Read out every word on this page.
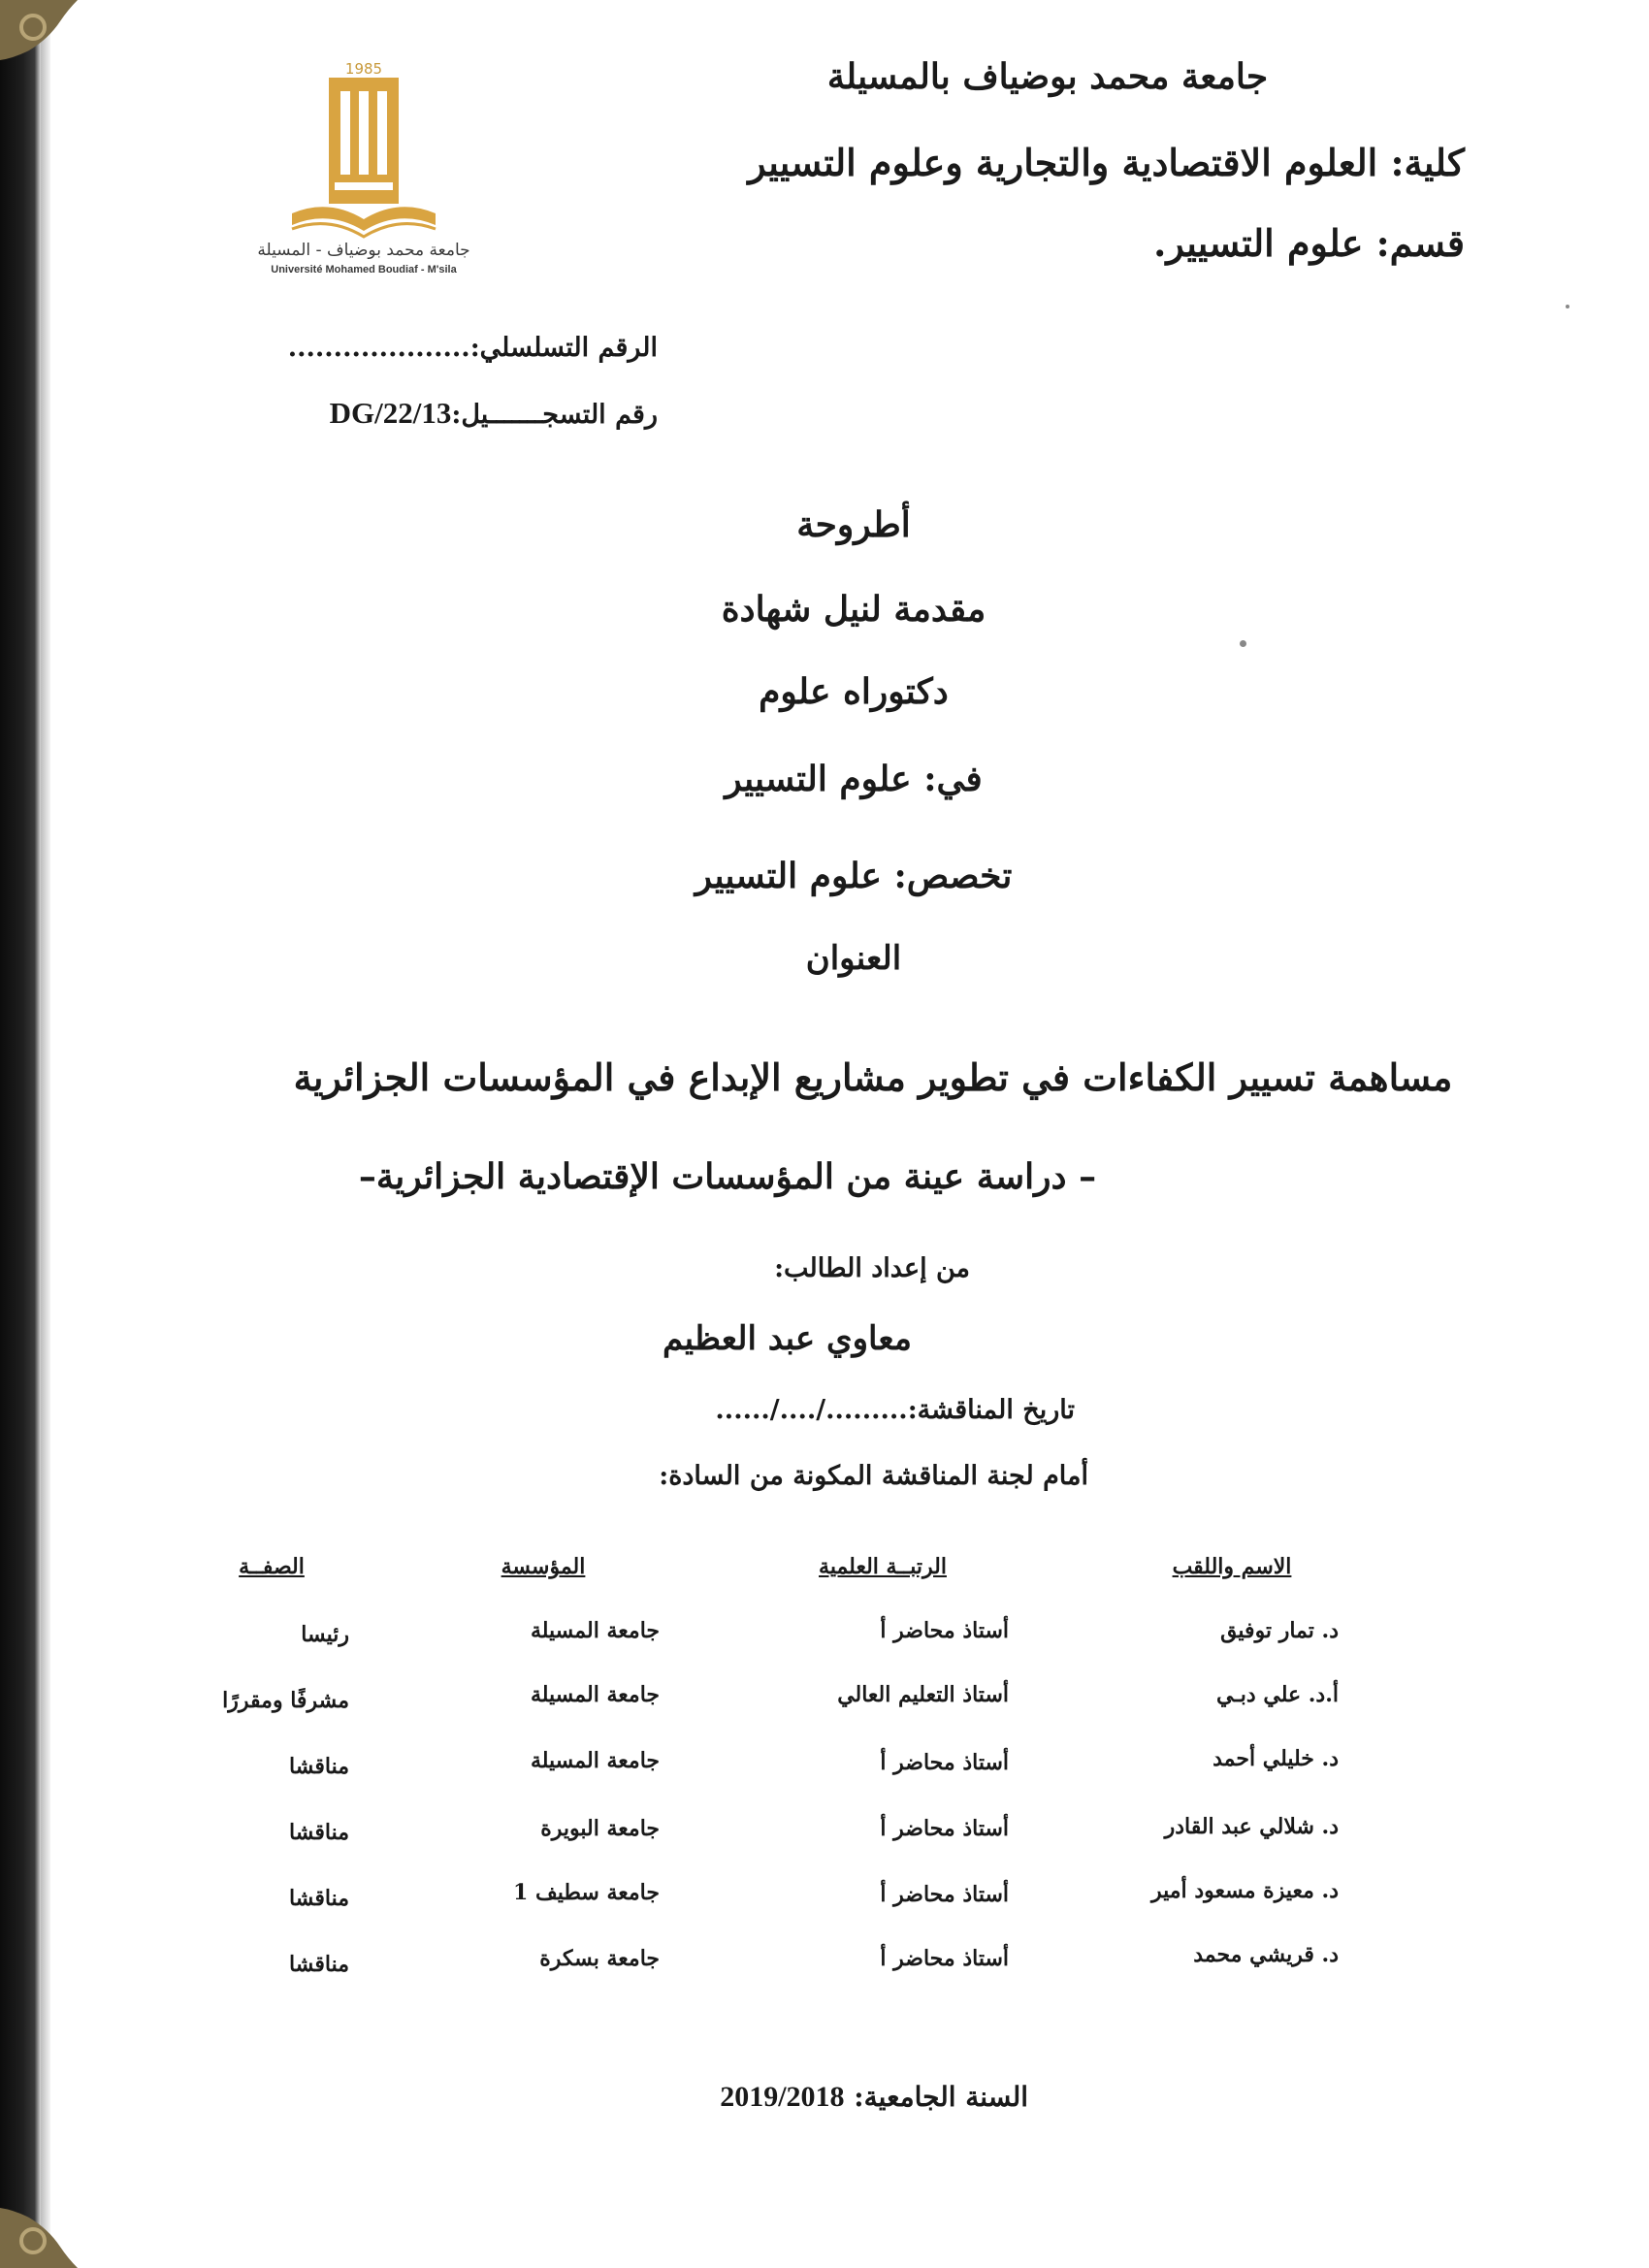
1985
جامعة محمد بوضياف - المسيلة
Université Mohamed Boudiaf - M'sila
جامعة محمد بوضياف بالمسيلة
كلية: العلوم الاقتصادية والتجارية وعلوم التسيير
قسم: علوم التسيير.
الرقم التسلسلي:....................
رقم التسجـــــــيل:DG/22/13
أطروحة
مقدمة لنيل شهادة
دكتوراه علوم
في: علوم التسيير
تخصص: علوم التسيير
العنوان
مساهمة تسيير الكفاءات في تطوير مشاريع الإبداع في المؤسسات الجزائرية
– دراسة عينة من المؤسسات الإقتصادية الجزائرية–
من إعداد الطالب:
معاوي عبد العظيم
تاريخ المناقشة:....../..../.........
أمام لجنة المناقشة المكونة من السادة:
الاسم واللقب
الرتبــة العلمية
المؤسسة
الصفــة
د. تمار توفيق
أستاذ محاضر أ
جامعة المسيلة
رئيسا
أ.د. علي دبـي
أستاذ التعليم العالي
جامعة المسيلة
مشرفًا ومقررًا
د. خليلي أحمد
أستاذ محاضر أ
جامعة المسيلة
مناقشا
د. شلالي عبد القادر
أستاذ محاضر أ
جامعة البويرة
مناقشا
د. معيزة مسعود أمير
أستاذ محاضر أ
جامعة سطيف 1
مناقشا
د. قريشي محمد
أستاذ محاضر أ
جامعة بسكرة
مناقشا
السنة الجامعية: 2019/2018
